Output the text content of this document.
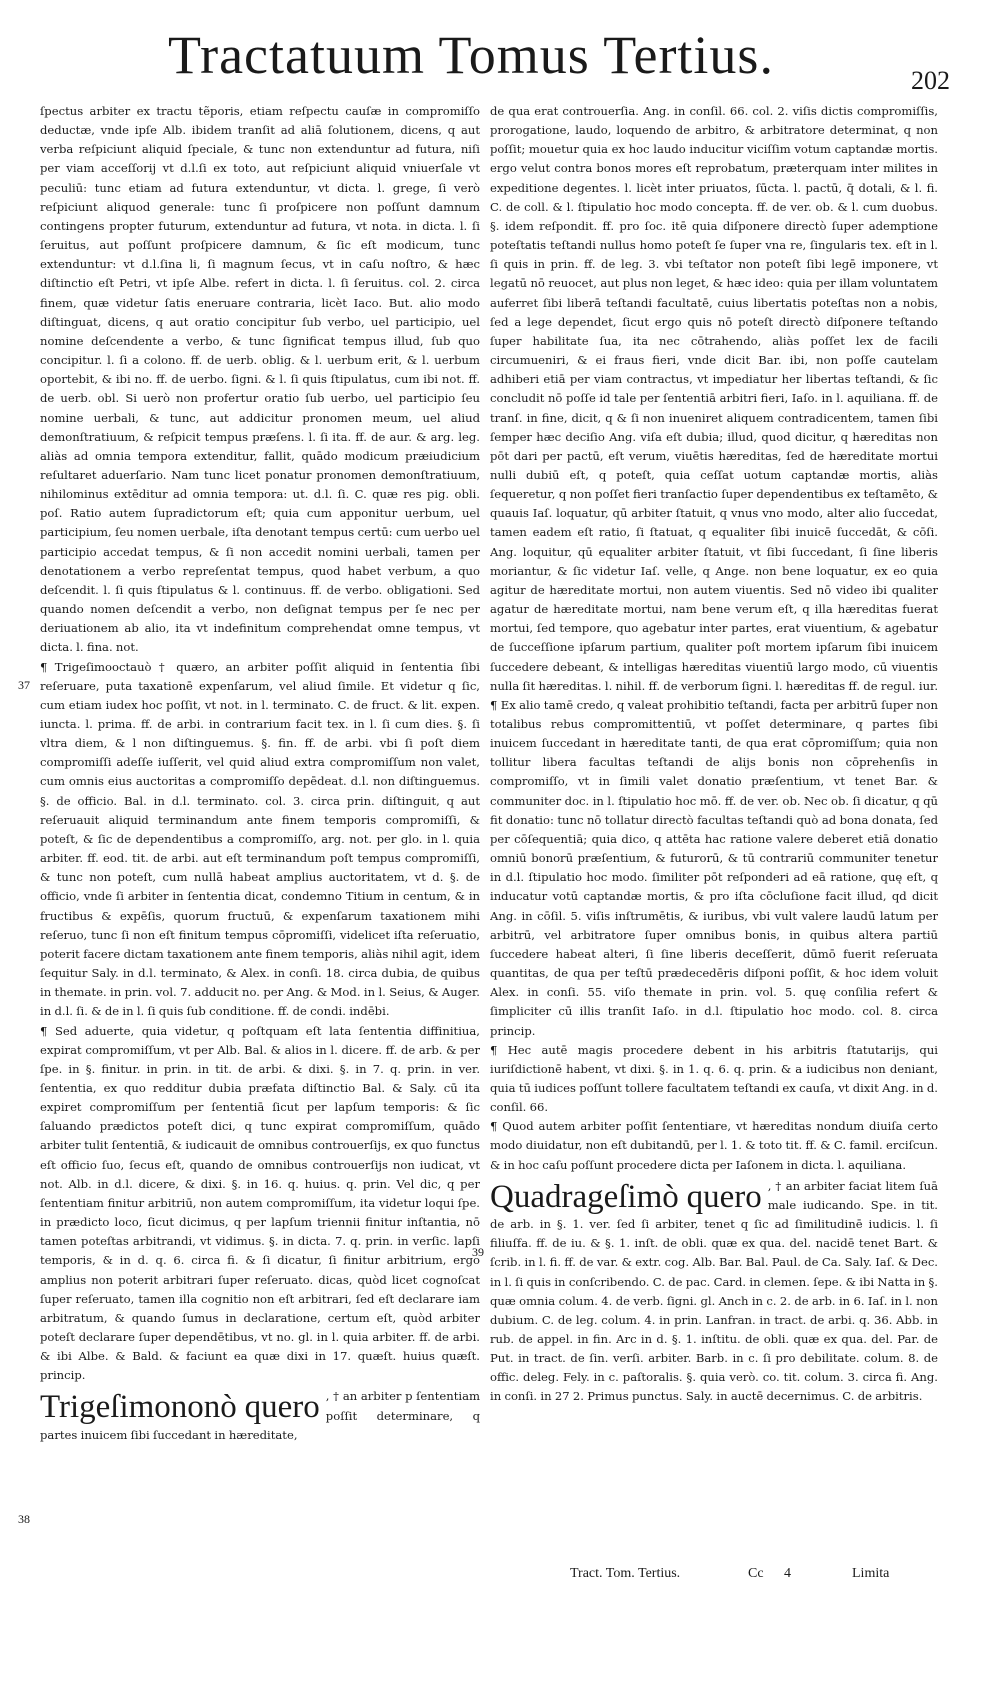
Tractatuum Tomus Tertius.	202

ſpectus arbiter ex tractu tẽporis, etiam reſpectu cauſæ in compromiſſo deductæ, vnde ipſe Alb. ibidem tranſit ad aliā ſolutionem, dicens, q aut verba reſpiciunt aliquid ſpeciale, & tunc non extenduntur ad futura, niſi per viam acceſſorij vt d.l.ſi ex toto, aut reſpiciunt aliquid vniuerſale vt peculiū: tunc etiam ad futura extenduntur, vt dicta. l. grege, ſi verò reſpiciunt aliquod generale: tunc ſi proſpicere non poſſunt damnum contingens propter futurum, extenduntur ad futura, vt nota. in dicta. l. ſi ſeruitus, aut poſſunt proſpicere damnum, & ſic eſt modicum, tunc extenduntur: vt d.l.ſina li, ſi magnum ſecus, vt in caſu noſtro, & hæc diſtinctio eſt Petri, vt ipſe Albe. refert in dicta. l. ſi ſeruitus. col. 2. circa finem, quæ videtur ſatis eneruare contraria, licèt Iaco. But. alio modo diſtinguat, dicens, q aut oratio concipitur ſub verbo, uel participio, uel nomine deſcendente a verbo, & tunc ſignificat tempus illud, ſub quo concipitur. l. ſi a colono. ff. de uerb. oblig. & l. uerbum erit, & l. uerbum oportebit, & ibi no. ff. de uerbo. ſigni. & l. ſi quis ſtipulatus, cum ibi not. ff. de uerb. obl. Si uerò non profertur oratio ſub uerbo, uel participio ſeu nomine uerbali, & tunc, aut addicitur pronomen meum, uel aliud demonſtratiuum, & reſpicit tempus præſens. l. ſi ita. ff. de aur. & arg. leg. aliàs ad omnia tempora extenditur, fallit, quādo modicum præiudicium reſultaret aduerſario. Nam tunc licet ponatur pronomen demonſtratiuum, nihilominus extēditur ad omnia tempora: ut. d.l. ſi. C. quæ res pig. obli. poſ. Ratio autem ſupradictorum eſt; quia cum apponitur uerbum, uel participium, ſeu nomen uerbale, iſta denotant tempus certū: cum uerbo uel participio accedat tempus, & ſi non accedit nomini uerbali, tamen per denotationem a verbo repreſentat tempus, quod habet verbum, a quo deſcendit. l. ſi quis ſtipulatus & l. continuus. ff. de verbo. obligationi. Sed quando nomen deſcendit a verbo, non deſignat tempus per ſe nec per deriuationem ab alio, ita vt indefinitum comprehendat omne tempus, vt dicta. l. fina. not.

¶ Trigeſimooctauò † quæro, an arbiter poſſit aliquid in ſententia ſibi reſeruare, puta taxationē expenſarum, vel aliud ſimile. Et videtur q ſic, cum etiam iudex hoc poſſit, vt not. in l. terminato. C. de fruct. & lit. expen. iuncta. l. prima. ff. de arbi. in contrarium facit tex. in l. ſi cum dies. §. ſi vltra diem, & l non diſtinguemus. §. fin. ff. de arbi. vbi ſi poſt diem compromiſſi adeſſe iuſſerit, vel quid aliud extra compromiſſum non valet, cum omnis eius auctoritas a compromiſſo depēdeat. d.l. non diſtinguemus. §. de officio. Bal. in d.l. terminato. col. 3. circa prin. diſtinguit, q aut reſeruauit aliquid terminandum ante finem temporis compromiſſi, & poteſt, & ſic de dependentibus a compromiſſo, arg. not. per glo. in l. quia arbiter. ff. eod. tit. de arbi. aut eſt terminandum poſt tempus compromiſſi, & tunc non poteſt, cum nullā habeat amplius auctoritatem, vt d. §. de officio, vnde ſi arbiter in ſententia dicat, condemno Titium in centum, & in fructibus & expēſis, quorum fructuū, & expenſarum taxationem mihi reſeruo, tunc ſi non eſt finitum tempus cōpromiſſi, videlicet iſta reſeruatio, poterit facere dictam taxationem ante finem temporis, aliàs nihil agit, idem ſequitur Saly. in d.l. terminato, & Alex. in conſi. 18. circa dubia, de quibus in themate. in prin. vol. 7. adducit no. per Ang. & Mod. in l. Seius, & Auger. in d.l. ſi. & de in l. ſi quis ſub conditione. ff. de condi. indēbi.

¶ Sed aduerte, quia videtur, q poſtquam eſt lata ſententia diffinitiua, expirat compromiſſum, vt per Alb. Bal. & alios in l. dicere. ff. de arb. & per ſpe. in §. finitur. in prin. in tit. de arbi. & dixi. §. in 7. q. prin. in ver. ſententia, ex quo redditur dubia præfata diſtinctio Bal. & Saly. cū ita expiret compromiſſum per ſententiā ſicut per lapſum temporis: & ſic ſaluando prædictos poteſt dici, q tunc expirat compromiſſum, quādo arbiter tulit ſententiā, & iudicauit de omnibus controuerſijs, ex quo functus eſt officio ſuo, ſecus eſt, quando de omnibus controuerſijs non iudicat, vt not. Alb. in d.l. dicere, & dixi. §. in 16. q. huius. q. prin. Vel dic, q per ſententiam finitur arbitriū, non autem compromiſſum, ita videtur loqui ſpe. in prædicto loco, ſicut dicimus, q per lapſum triennii finitur inſtantia, nō tamen poteſtas arbitrandi, vt vidimus. §. in dicta. 7. q. prin. in verſic. lapſi temporis, & in d. q. 6. circa fi. & ſi dicatur, ſi finitur arbitrium, ergo amplius non poterit arbitrari ſuper reſeruato. dicas, quòd licet cognoſcat ſuper reſeruato, tamen illa cognitio non eſt arbitrari, ſed eſt declarare iam arbitratum, & quando ſumus in declaratione, certum eſt, quòd arbiter poteſt declarare ſuper dependētibus, vt no. gl. in l. quia arbiter. ff. de arbi. & ibi Albe. & Bald. & faciunt ea quæ dixi in 17. quæſt. huius quæſt. princip.

Trigeſimononò quero , † an arbiter p ſententiam poſſit determinare, q partes inuicem ſibi ſuccedant in hæreditate,

de qua erat controuerſia. Ang. in conſil. 66. col. 2. viſis dictis compromiſſis, prorogatione, laudo, loquendo de arbitro, & arbitratore determinat, q non poſſit; mouetur quia ex hoc laudo inducitur viciſſim votum captandæ mortis. ergo velut contra bonos mores eſt reprobatum, præterquam inter milites in expeditione degentes. l. licèt inter priuatos, ſūcta. l. pactū, q̄ dotali, & l. fi. C. de coll. & l. ſtipulatio hoc modo concepta. ff. de ver. ob. & l. cum duobus. §. idem reſpondit. ff. pro ſoc. itē quia diſponere directò ſuper ademptione poteſtatis teſtandi nullus homo poteſt ſe ſuper vna re, ſingularis tex. eſt in l. ſi quis in prin. ff. de leg. 3. vbi teſtator non poteſt ſibi legē imponere, vt legatū nō reuocet, aut plus non leget, & hæc ideo: quia per illam voluntatem auferret ſibi liberā teſtandi facultatē, cuius libertatis poteſtas non a nobis, ſed a lege dependet, ſicut ergo quis nō poteſt directò diſponere teſtando ſuper habilitate ſua, ita nec cōtrahendo, aliàs poſſet lex de facili circumueniri, & ei fraus fieri, vnde dicit Bar. ibi, non poſſe cautelam adhiberi etiā per viam contractus, vt impediatur her libertas teſtandi, & ſic concludit nō poſſe id tale per ſententiā arbitri fieri, Iaſo. in l. aquiliana. ff. de tranſ. in fine, dicit, q & ſi non inueniret aliquem contradicentem, tamen ſibi ſemper hæc deciſio Ang. viſa eſt dubia; illud, quod dicitur, q hæreditas non pōt dari per pactū, eſt verum, viuētis hæreditas, ſed de hæreditate mortui nulli dubiū eſt, q poteſt, quia ceſſat uotum captandæ mortis, aliàs ſequeretur, q non poſſet fieri tranſactio ſuper dependentibus ex teſtamēto, & quauis Iaſ. loquatur, qū arbiter ſtatuit, q vnus vno modo, alter alio ſuccedat, tamen eadem eſt ratio, ſi ſtatuat, q equaliter ſibi inuicē ſuccedāt, & cōſi. Ang. loquitur, qū equaliter arbiter ſtatuit, vt ſibi ſuccedant, ſi ſine liberis moriantur, & ſic videtur Iaſ. velle, q Ange. non bene loquatur, ex eo quia agitur de hæreditate mortui, non autem viuentis. Sed nō video ibi qualiter agatur de hæreditate mortui, nam bene verum eſt, q illa hæreditas fuerat mortui, ſed tempore, quo agebatur inter partes, erat viuentium, & agebatur de ſucceſſione ipſarum partium, qualiter poſt mortem ipſarum ſibi inuicem ſuccedere debeant, & intelligas hæreditas viuentiū largo modo, cū viuentis nulla ſit hæreditas. l. nihil. ff. de verborum ſigni. l. hæreditas ff. de regul. iur.

¶ Ex alio tamē credo, q valeat prohibitio teſtandi, facta per arbitrū ſuper non totalibus rebus compromittentiū, vt poſſet determinare, q partes ſibi inuicem ſuccedant in hæreditate tanti, de qua erat cōpromiſſum; quia non tollitur libera facultas teſtandi de alijs bonis non cōprehenſis in compromiſſo, vt in ſimili valet donatio præſentium, vt tenet Bar. & communiter doc. in l. ſtipulatio hoc mō. ff. de ver. ob. Nec ob. ſi dicatur, q qū fit donatio: tunc nō tollatur directò facultas teſtandi quò ad bona donata, ſed per cōſequentiā; quia dico, q attēta hac ratione valere deberet etiā donatio omniū bonorū præſentium, & futurorū, & tū contrariū communiter tenetur in d.l. ſtipulatio hoc modo. ſimiliter pōt reſponderi ad eā ratione, quę eſt, q inducatur votū captandæ mortis, & pro iſta cōcluſione facit illud, qd dicit Ang. in cōſil. 5. viſis inſtrumētis, & iuribus, vbi vult valere laudū latum per arbitrū, vel arbitratore ſuper omnibus bonis, in quibus altera partiū ſuccedere habeat alteri, ſi ſine liberis deceſſerit, dūmō fuerit reſeruata quantitas, de qua per teſtū prædecedēris diſponi poſſit, & hoc idem voluit Alex. in conſi. 55. viſo themate in prin. vol. 5. quę conſilia refert & ſimpliciter cū illis tranſit Iaſo. in d.l. ſtipulatio hoc modo. col. 8. circa princip.

¶ Hec autē magis procedere debent in his arbitris ſtatutarijs, qui iuriſdictionē habent, vt dixi. §. in 1. q. 6. q. prin. & a iudicibus non deniant, quia tū iudices poſſunt tollere facultatem teſtandi ex cauſa, vt dixit Ang. in d. conſil. 66.

¶ Quod autem arbiter poſſit ſententiare, vt hæreditas nondum diuiſa certo modo diuidatur, non eſt dubitandū, per l. 1. & toto tit. ff. & C. famil. erciſcun. & in hoc caſu poſſunt procedere dicta per Iaſonem in dicta. l. aquiliana.

Quadrageſimò quero , † an arbiter faciat litem ſuā male iudicando. Spe. in tit. de arb. in §. 1. ver. ſed ſi arbiter, tenet q ſic ad ſimilitudinē iudicis. l. ſi filiuſfa. ff. de iu. & §. 1. inſt. de obli. quæ ex qua. del. nacidē tenet Bart. & ſcrib. in l. fi. ff. de var. & extr. cog. Alb. Bar. Bal. Paul. de Ca. Saly. Iaſ. & Dec. in l. ſi quis in conſcribendo. C. de pac. Card. in clemen. ſepe. & ibi Natta in §. quæ omnia colum. 4. de verb. ſigni. gl. Anch in c. 2. de arb. in 6. Iaſ. in l. non dubium. C. de leg. colum. 4. in prin. Lanfran. in tract. de arbi. q. 36. Abb. in rub. de appel. in fin. Arc in d. §. 1. inſtitu. de obli. quæ ex qua. del. Par. de Put. in tract. de ſin. verſi. arbiter. Barb. in c. ſi pro debilitate. colum. 8. de offic. deleg. Fely. in c. paſtoralis. §. quia verò. co. tit. colum. 3. circa fi. Ang. in conſi. in 27 2. Primus punctus. Saly. in auctē decernimus. C. de arbitris.
37
38
39
Tract. Tom. Tertius.	Cc 4	Limita
